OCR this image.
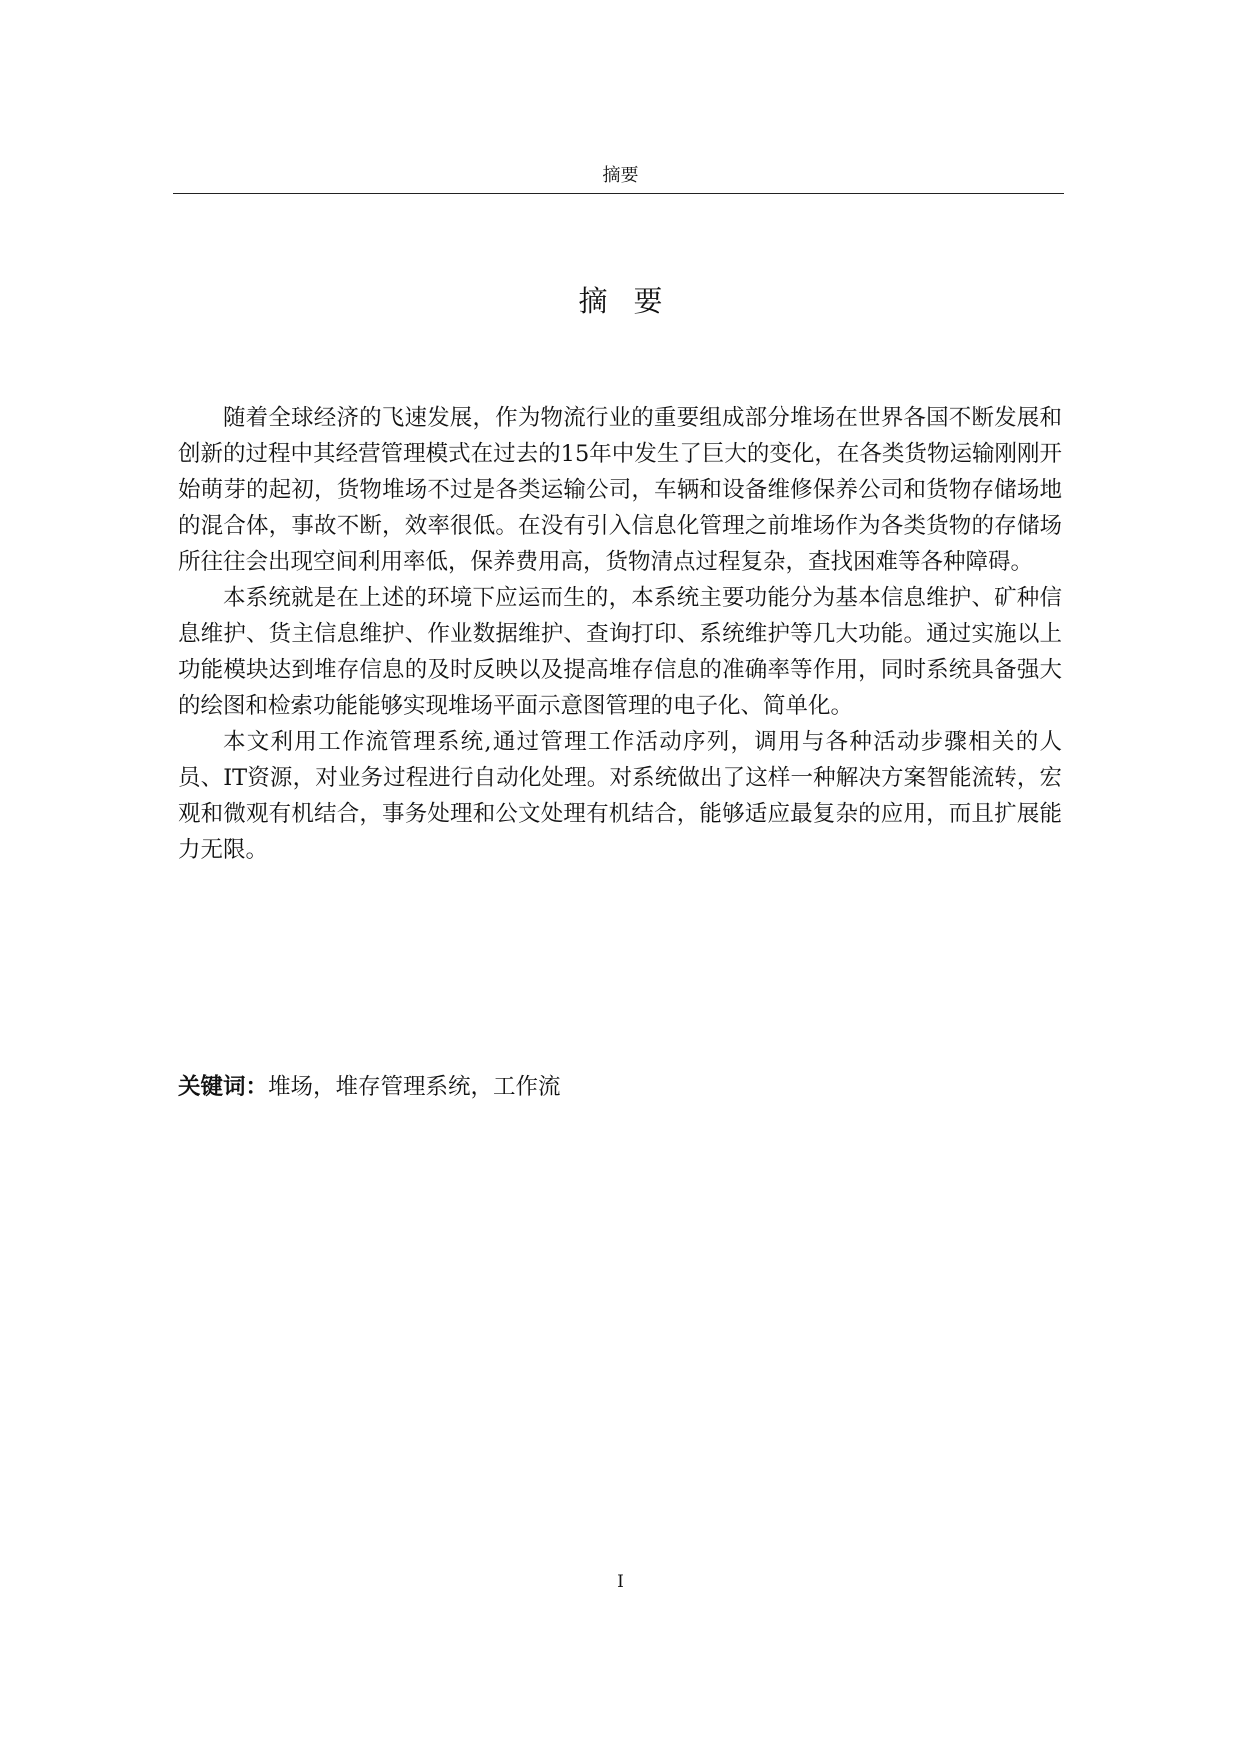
摘要
摘要

随着全球经济的飞速发展，作为物流行业的重要组成部分堆场在世界各国不断发展和创新的过程中其经营管理模式在过去的15年中发生了巨大的变化，在各类货物运输刚刚开始萌芽的起初，货物堆场不过是各类运输公司，车辆和设备维修保养公司和货物存储场地的混合体，事故不断，效率很低。在没有引入信息化管理之前堆场作为各类货物的存储场所往往会出现空间利用率低，保养费用高，货物清点过程复杂，查找困难等各种障碍。

本系统就是在上述的环境下应运而生的，本系统主要功能分为基本信息维护、矿种信息维护、货主信息维护、作业数据维护、查询打印、系统维护等几大功能。通过实施以上功能模块达到堆存信息的及时反映以及提高堆存信息的准确率等作用，同时系统具备强大的绘图和检索功能能够实现堆场平面示意图管理的电子化、简单化。

本文利用工作流管理系统,通过管理工作活动序列，调用与各种活动步骤相关的人员、IT资源，对业务过程进行自动化处理。对系统做出了这样一种解决方案智能流转，宏观和微观有机结合，事务处理和公文处理有机结合，能够适应最复杂的应用，而且扩展能力无限。

关键词：堆场，堆存管理系统，工作流
I
